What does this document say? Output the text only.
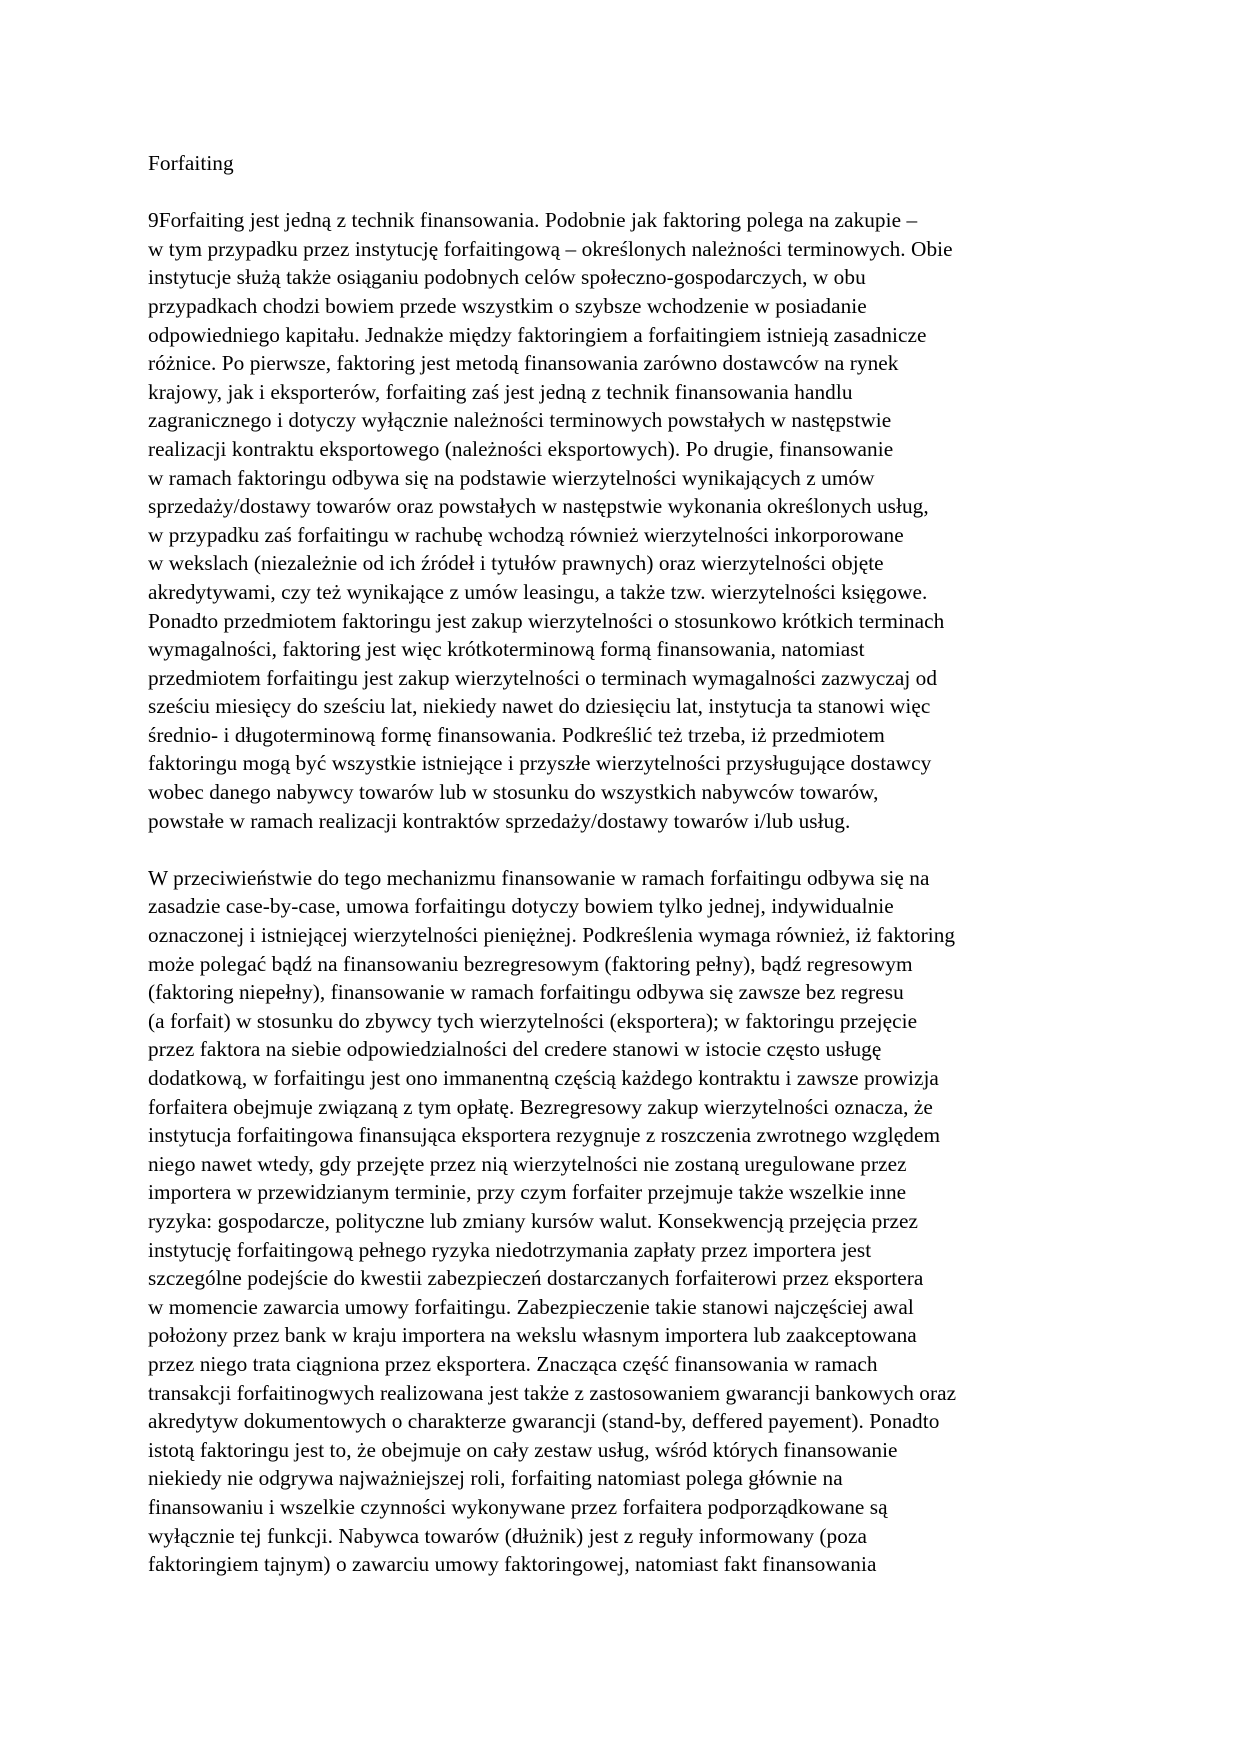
Forfaiting

9Forfaiting jest jedną z technik finansowania. Podobnie jak faktoring polega na zakupie –
w tym przypadku przez instytucję forfaitingową – określonych należności terminowych. Obie
instytucje służą także osiąganiu podobnych celów społeczno-gospodarczych, w obu
przypadkach chodzi bowiem przede wszystkim o szybsze wchodzenie w posiadanie
odpowiedniego kapitału. Jednakże między faktoringiem a forfaitingiem istnieją zasadnicze
różnice. Po pierwsze, faktoring jest metodą finansowania zarówno dostawców na rynek
krajowy, jak i eksporterów, forfaiting zaś jest jedną z technik finansowania handlu
zagranicznego i dotyczy wyłącznie należności terminowych powstałych w następstwie
realizacji kontraktu eksportowego (należności eksportowych). Po drugie, finansowanie
w ramach faktoringu odbywa się na podstawie wierzytelności wynikających z umów
sprzedaży/dostawy towarów oraz powstałych w następstwie wykonania określonych usług,
w przypadku zaś forfaitingu w rachubę wchodzą również wierzytelności inkorporowane
w wekslach (niezależnie od ich źródeł i tytułów prawnych) oraz wierzytelności objęte
akredytywami, czy też wynikające z umów leasingu, a także tzw. wierzytelności księgowe.
Ponadto przedmiotem faktoringu jest zakup wierzytelności o stosunkowo krótkich terminach
wymagalności, faktoring jest więc krótkoterminową formą finansowania, natomiast
przedmiotem forfaitingu jest zakup wierzytelności o terminach wymagalności zazwyczaj od
sześciu miesięcy do sześciu lat, niekiedy nawet do dziesięciu lat, instytucja ta stanowi więc
średnio- i długoterminową formę finansowania. Podkreślić też trzeba, iż przedmiotem
faktoringu mogą być wszystkie istniejące i przyszłe wierzytelności przysługujące dostawcy
wobec danego nabywcy towarów lub w stosunku do wszystkich nabywców towarów,
powstałe w ramach realizacji kontraktów sprzedaży/dostawy towarów i/lub usług.

W przeciwieństwie do tego mechanizmu finansowanie w ramach forfaitingu odbywa się na
zasadzie case-by-case, umowa forfaitingu dotyczy bowiem tylko jednej, indywidualnie
oznaczonej i istniejącej wierzytelności pieniężnej. Podkreślenia wymaga również, iż faktoring
może polegać bądź na finansowaniu bezregresowym (faktoring pełny), bądź regresowym
(faktoring niepełny), finansowanie w ramach forfaitingu odbywa się zawsze bez regresu
(a forfait) w stosunku do zbywcy tych wierzytelności (eksportera); w faktoringu przejęcie
przez faktora na siebie odpowiedzialności del credere stanowi w istocie często usługę
dodatkową, w forfaitingu jest ono immanentną częścią każdego kontraktu i zawsze prowizja
forfaitera obejmuje związaną z tym opłatę. Bezregresowy zakup wierzytelności oznacza, że
instytucja forfaitingowa finansująca eksportera rezygnuje z roszczenia zwrotnego względem
niego nawet wtedy, gdy przejęte przez nią wierzytelności nie zostaną uregulowane przez
importera w przewidzianym terminie, przy czym forfaiter przejmuje także wszelkie inne
ryzyka: gospodarcze, polityczne lub zmiany kursów walut. Konsekwencją przejęcia przez
instytucję forfaitingową pełnego ryzyka niedotrzymania zapłaty przez importera jest
szczególne podejście do kwestii zabezpieczeń dostarczanych forfaiterowi przez eksportera
w momencie zawarcia umowy forfaitingu. Zabezpieczenie takie stanowi najczęściej awal
położony przez bank w kraju importera na wekslu własnym importera lub zaakceptowana
przez niego trata ciągniona przez eksportera. Znacząca część finansowania w ramach
transakcji forfaitinogwych realizowana jest także z zastosowaniem gwarancji bankowych oraz
akredytyw dokumentowych o charakterze gwarancji (stand-by, deffered payement). Ponadto
istotą faktoringu jest to, że obejmuje on cały zestaw usług, wśród których finansowanie
niekiedy nie odgrywa najważniejszej roli, forfaiting natomiast polega głównie na
finansowaniu i wszelkie czynności wykonywane przez forfaitera podporządkowane są
wyłącznie tej funkcji. Nabywca towarów (dłużnik) jest z reguły informowany (poza
faktoringiem tajnym) o zawarciu umowy faktoringowej, natomiast fakt finansowania
